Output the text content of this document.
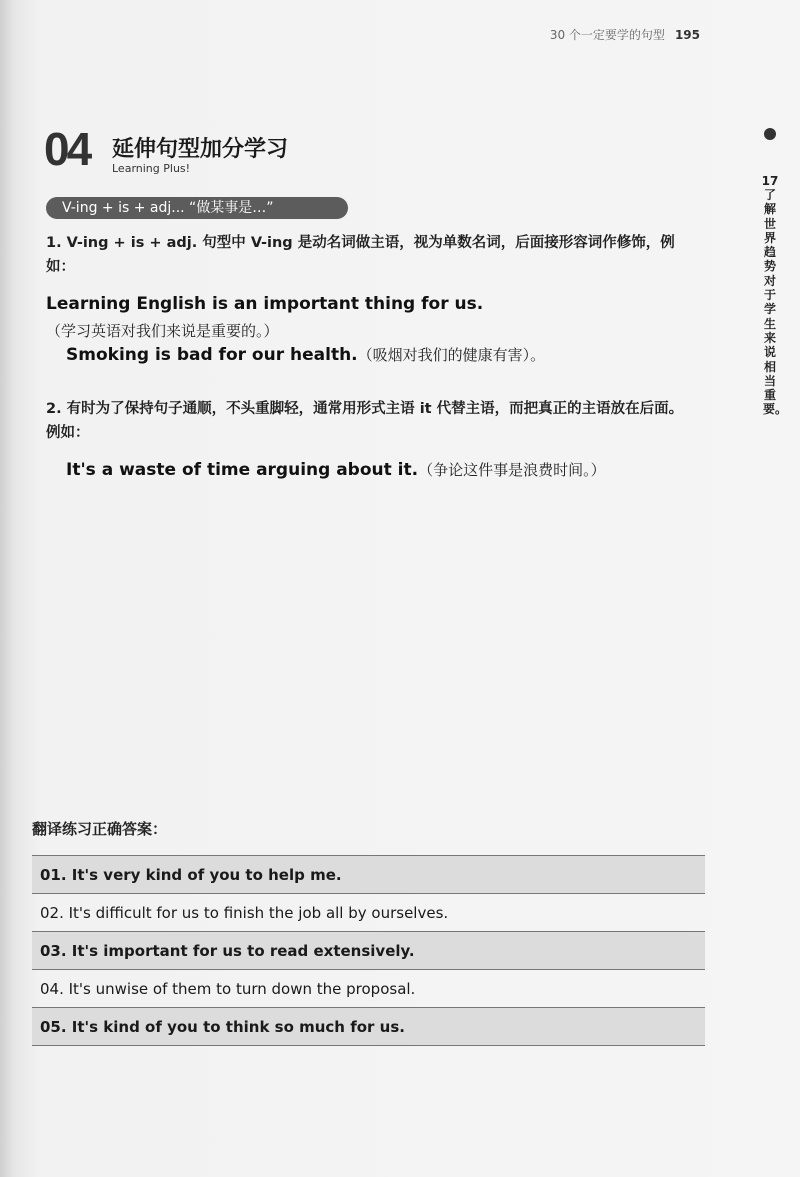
30 个一定要学的句型 195
17
了解世界趋势对于学生来说相当重要。
04 延伸句型加分学习
Learning Plus!
V-ing + is + adj... “做某事是…”
1. V-ing + is + adj. 句型中 V-ing 是动名词做主语，视为单数名词，后面接形容词作修饰，例如：
Learning English is an important thing for us.
（学习英语对我们来说是重要的。）
Smoking is bad for our health.（吸烟对我们的健康有害）。
2. 有时为了保持句子通顺，不头重脚轻，通常用形式主语 it 代替主语，而把真正的主语放在后面。例如：
It's a waste of time arguing about it.（争论这件事是浪费时间。）
翻译练习正确答案：
01. It's very kind of you to help me.
02. It's difficult for us to finish the job all by ourselves.
03. It's important for us to read extensively.
04. It's unwise of them to turn down the proposal.
05. It's kind of you to think so much for us.
